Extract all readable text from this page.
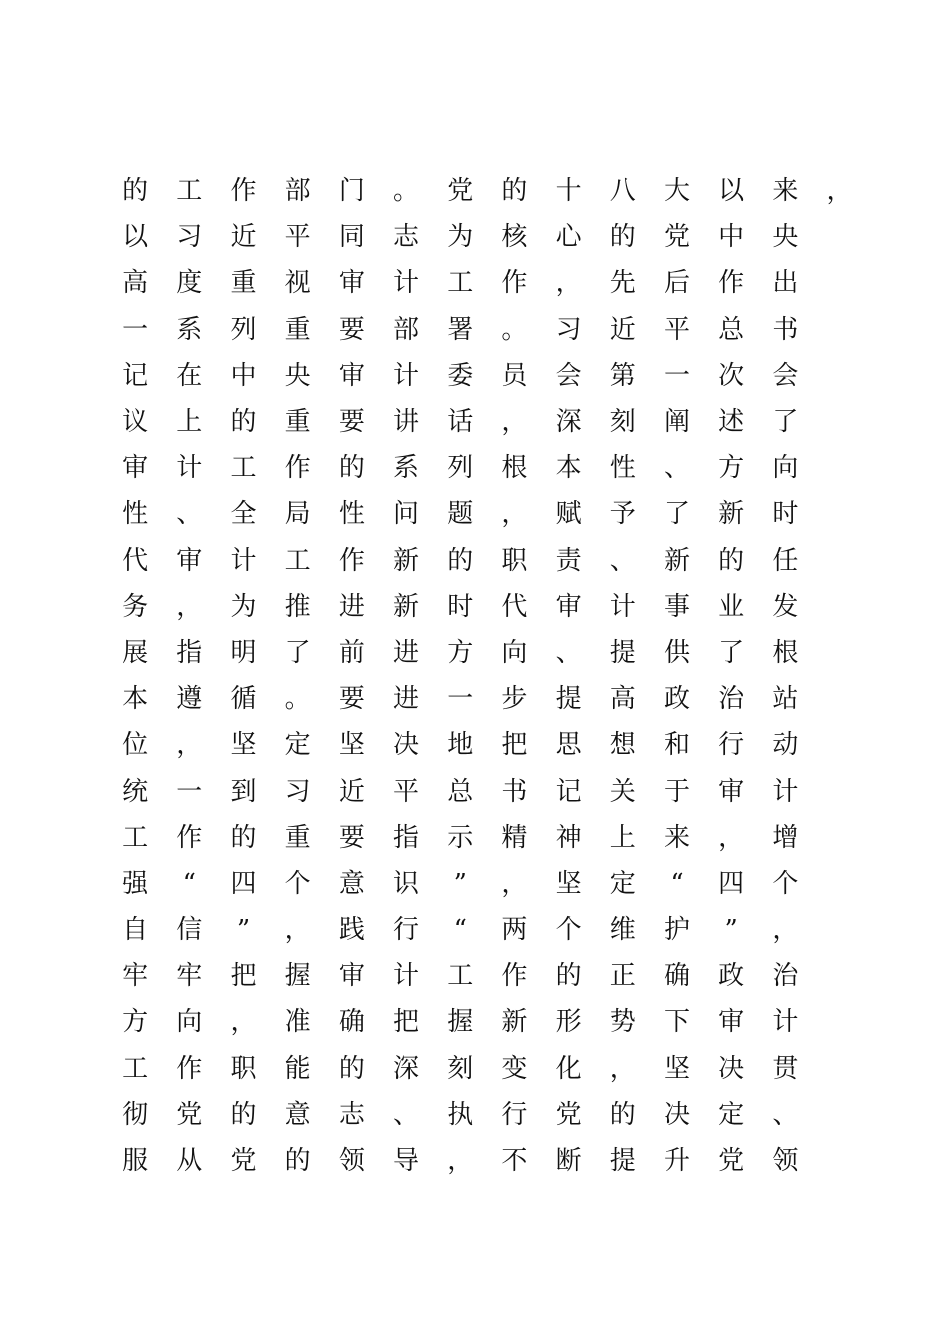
的	工	作	部	门	。	党	的	十	八	大	以	来	，
以	习	近	平	同	志	为	核	心	的	党	中	央
高	度	重	视	审	计	工	作	，	先	后	作	出
一	系	列	重	要	部	署	。	习	近	平	总	书
记	在	中	央	审	计	委	员	会	第	一	次	会
议	上	的	重	要	讲	话	，	深	刻	阐	述	了
审	计	工	作	的	系	列	根	本	性	、	方	向
性	、	全	局	性	问	题	，	赋	予	了	新	时
代	审	计	工	作	新	的	职	责	、	新	的	任
务	，	为	推	进	新	时	代	审	计	事	业	发
展	指	明	了	前	进	方	向	、	提	供	了	根
本	遵	循	。	要	进	一	步	提	高	政	治	站
位	，	坚	定	坚	决	地	把	思	想	和	行	动
统	一	到	习	近	平	总	书	记	关	于	审	计
工	作	的	重	要	指	示	精	神	上	来	，	增
强	“	四	个	意	识	”	，	坚	定	“	四	个
自	信	”	，	践	行	“	两	个	维	护	”	，
牢	牢	把	握	审	计	工	作	的	正	确	政	治
方	向	，	准	确	把	握	新	形	势	下	审	计
工	作	职	能	的	深	刻	变	化	，	坚	决	贯
彻	党	的	意	志	、	执	行	党	的	决	定	、
服	从	党	的	领	导	，	不	断	提	升	党	领
